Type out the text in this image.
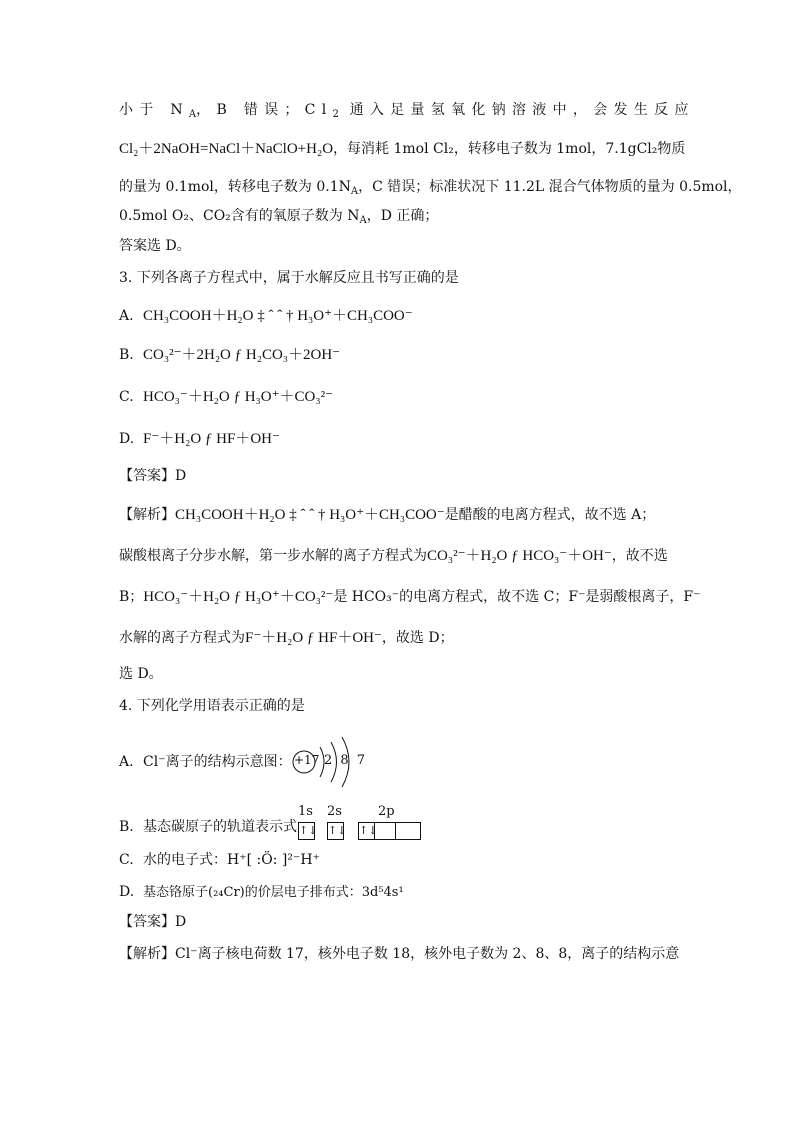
小于 $N_A$，B 错误；$Cl_2$ 通入足量氢氧化钠溶液中，会发生反应
Cl₂＋2NaOH=NaCl＋NaClO+H₂O，每消耗 1mol Cl₂，转移电子数为 1mol，7.1gCl₂物质
的量为 0.1mol，转移电子数为 $0.1N_A$，C 错误；标准状况下 11.2L 混合气体物质的量为 0.5mol，
0.5mol O₂、CO₂含有的氧原子数为 $N_A$，D 正确；
答案选 D。
3. 下列各离子方程式中，属于水解反应且书写正确的是
A. CH₃COOH＋H₂O ‡ ˆ ˆ † H₃O⁺＋CH₃COO⁻
B. CO₃²⁻＋2H₂O ƒ H₂CO₃＋2OH⁻
C. HCO₃⁻＋H₂O ƒ H₃O⁺＋CO₃²⁻
D. F⁻＋H₂O ƒ HF＋OH⁻
【答案】D
【解析】CH₃COOH＋H₂O ‡ ˆ ˆ † H₃O⁺＋CH₃COO⁻是醋酸的电离方程式，故不选 A；
碳酸根离子分步水解，第一步水解的离子方程式为CO₃²⁻＋H₂O ƒ HCO₃⁻＋OH⁻，故不选
B；HCO₃⁻＋H₂O ƒ H₃O⁺＋CO₃²⁻是 HCO₃⁻的电离方程式，故不选 C；F⁻是弱酸根离子，F⁻
水解的离子方程式为F⁻＋H₂O ƒ HF＋OH⁻，故选 D；
选 D。
4. 下列化学用语表示正确的是
A. Cl⁻离子的结构示意图： +17 2 8 7
B. 基态碳原子的轨道表示式
1s 2s	2p
↑↓ ↑↓ ↑↓
C. 水的电子式：H⁺[ :Ö: ]²⁻H⁺
D. 基态铬原子(₂₄Cr)的价层电子排布式：3d⁵4s¹
【答案】D
【解析】Cl⁻离子核电荷数 17，核外电子数 18，核外电子数为 2、8、8，离子的结构示意
